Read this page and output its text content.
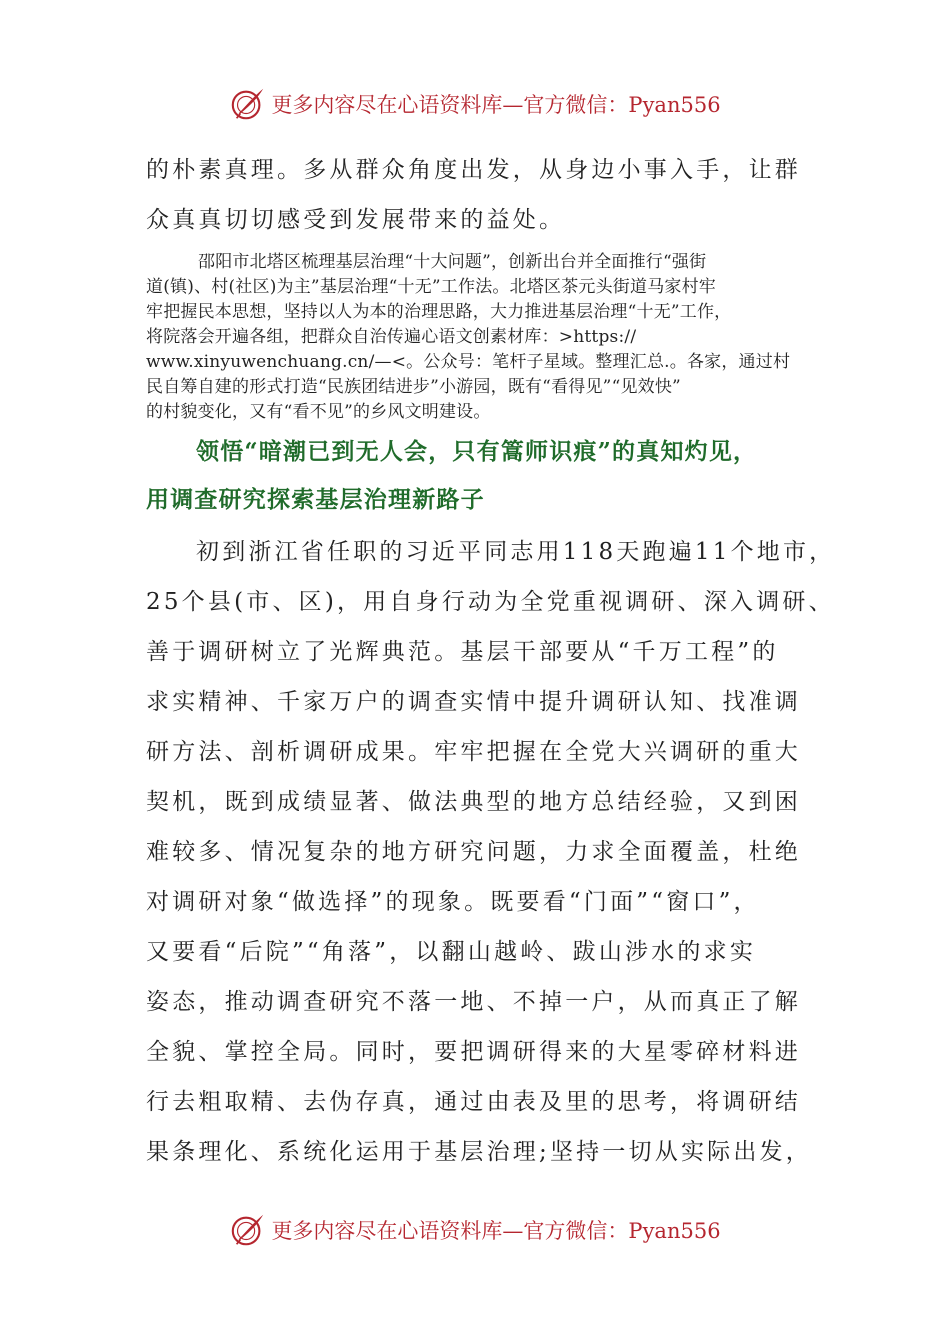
更多内容尽在心语资料库—官方微信：Pyan556
的朴素真理。多从群众角度出发，从身边小事入手，让群
众真真切切感受到发展带来的益处。
邵阳市北塔区梳理基层治理“十大问题”，创新出台并全面推行“强街
道(镇)、村(社区)为主”基层治理“十无”工作法。北塔区茶元头街道马家村牢
牢把握民本思想，坚持以人为本的治理思路，大力推进基层治理“十无”工作，
将院落会开遍各组，把群众自治传遍心语文创素材库：>https://
www.xinyuwenchuang.cn/—<。公众号：笔杆子星域。整理汇总.。各家，通过村
民自筹自建的形式打造“民族团结进步”小游园，既有“看得见”“见效快”
的村貌变化，又有“看不见”的乡风文明建设。
领悟“暗潮已到无人会，只有篙师识痕”的真知灼见，
用调查研究探索基层治理新路子
初到浙江省任职的习近平同志用118天跑遍11个地市，
25个县(市、区)，用自身行动为全党重视调研、深入调研、
善于调研树立了光辉典范。基层干部要从“千万工程”的
求实精神、千家万户的调查实情中提升调研认知、找准调
研方法、剖析调研成果。牢牢把握在全党大兴调研的重大
契机，既到成绩显著、做法典型的地方总结经验，又到困
难较多、情况复杂的地方研究问题，力求全面覆盖，杜绝
对调研对象“做选择”的现象。既要看“门面”“窗口”，
又要看“后院”“角落”，以翻山越岭、跋山涉水的求实
姿态，推动调查研究不落一地、不掉一户，从而真正了解
全貌、掌控全局。同时，要把调研得来的大星零碎材料进
行去粗取精、去伪存真，通过由表及里的思考，将调研结
果条理化、系统化运用于基层治理;坚持一切从实际出发，
更多内容尽在心语资料库—官方微信：Pyan556
